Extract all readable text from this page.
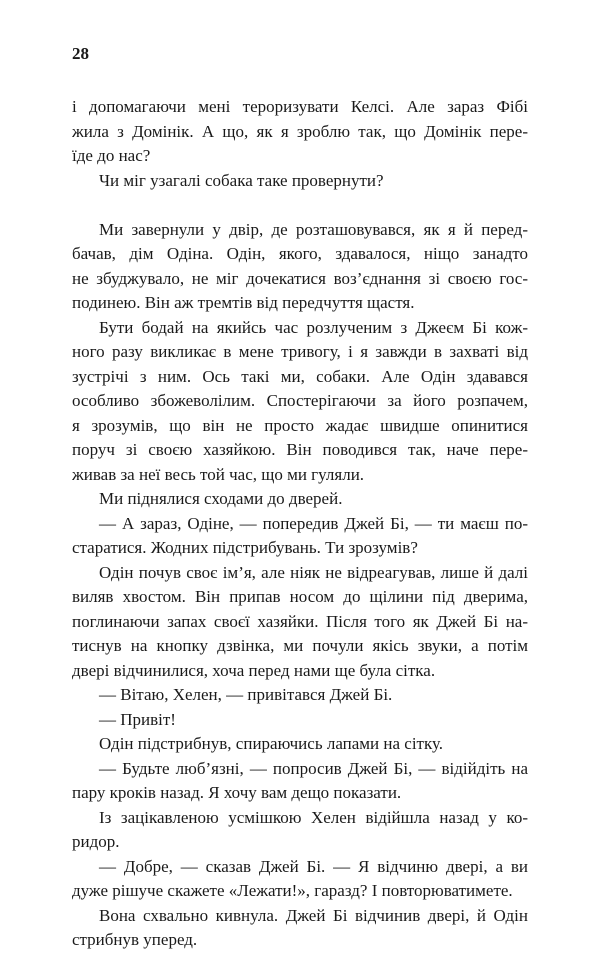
28
і допомагаючи мені тероризувати Келсі. Але зараз Фібі
жила з Домінік. А що, як я зроблю так, що Домінік пере-
їде до нас?
Чи міг узагалі собака таке провернути?
Ми завернули у двір, де розташовувався, як я й перед-
бачав, дім Одіна. Одін, якого, здавалося, ніщо занадто
не збуджувало, не міг дочекатися воз’єднання зі своєю гос-
подинею. Він аж тремтів від передчуття щастя.
Бути бодай на якийсь час розлученим з Джеєм Бі кож-
ного разу викликає в мене тривогу, і я завжди в захваті від
зустрічі з ним. Ось такі ми, собаки. Але Одін здавався
особливо збожеволілим. Спостерігаючи за його розпачем,
я зрозумів, що він не просто жадає швидше опинитися
поруч зі своєю хазяйкою. Він поводився так, наче пере-
живав за неї весь той час, що ми гуляли.
Ми піднялися сходами до дверей.
— А зараз, Одіне, — попередив Джей Бі, — ти маєш по-
старатися. Жодних підстрибувань. Ти зрозумів?
Одін почув своє ім’я, але ніяк не відреагував, лише й далі
виляв хвостом. Він припав носом до щілини під дверима,
поглинаючи запах своєї хазяйки. Після того як Джей Бі на-
тиснув на кнопку дзвінка, ми почули якісь звуки, а потім
двері відчинилися, хоча перед нами ще була сітка.
— Вітаю, Хелен, — привітався Джей Бі.
— Привіт!
Одін підстрибнув, спираючись лапами на сітку.
— Будьте люб’язні, — попросив Джей Бі, — відійдіть на
пару кроків назад. Я хочу вам дещо показати.
Із зацікавленою усмішкою Хелен відійшла назад у ко-
ридор.
— Добре, — сказав Джей Бі. — Я відчиню двері, а ви
дуже рішуче скажете «Лежати!», гаразд? І повторюватимете.
Вона схвально кивнула. Джей Бі відчинив двері, й Одін
стрибнув уперед.
